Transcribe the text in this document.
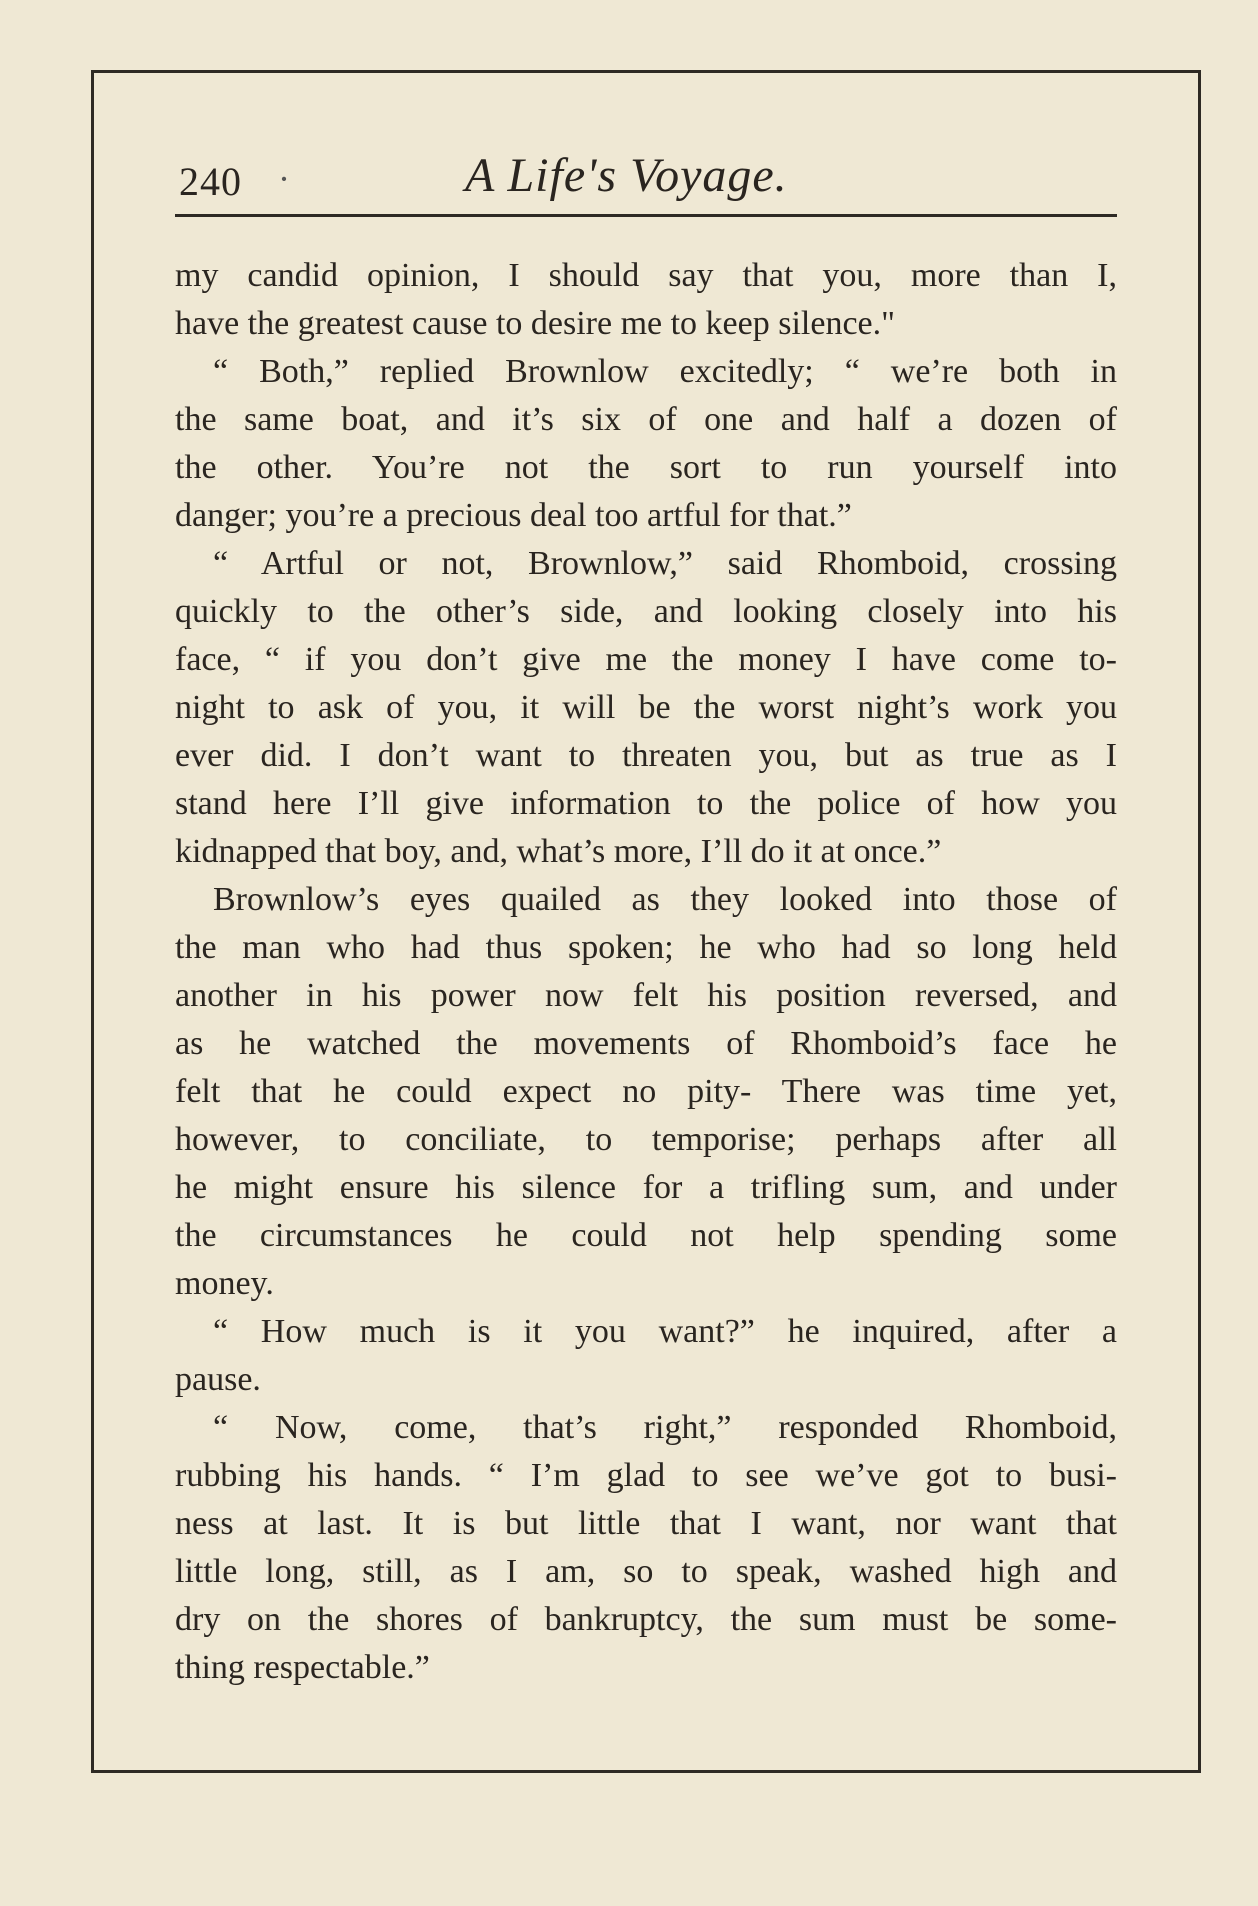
240 ·	A Life's Voyage.
my candid opinion, I should say that you, more than I,
have the greatest cause to desire me to keep silence."
“ Both,” replied Brownlow excitedly; “ we’re both in
the same boat, and it’s six of one and half a dozen of
the other. You’re not the sort to run yourself into
danger; you’re a precious deal too artful for that.”
“ Artful or not, Brownlow,” said Rhomboid, crossing
quickly to the other’s side, and looking closely into his
face, “ if you don’t give me the money I have come to-
night to ask of you, it will be the worst night’s work you
ever did. I don’t want to threaten you, but as true as I
stand here I’ll give information to the police of how you
kidnapped that boy, and, what’s more, I’ll do it at once.”
Brownlow’s eyes quailed as they looked into those of
the man who had thus spoken; he who had so long held
another in his power now felt his position reversed, and
as he watched the movements of Rhomboid’s face he
felt that he could expect no pity- There was time yet,
however, to conciliate, to temporise; perhaps after all
he might ensure his silence for a trifling sum, and under
the circumstances he could not help spending some
money.
“ How much is it you want?” he inquired, after a
pause.
“ Now, come, that’s right,” responded Rhomboid,
rubbing his hands. “ I’m glad to see we’ve got to busi-
ness at last. It is but little that I want, nor want that
little long, still, as I am, so to speak, washed high and
dry on the shores of bankruptcy, the sum must be some-
thing respectable.”
